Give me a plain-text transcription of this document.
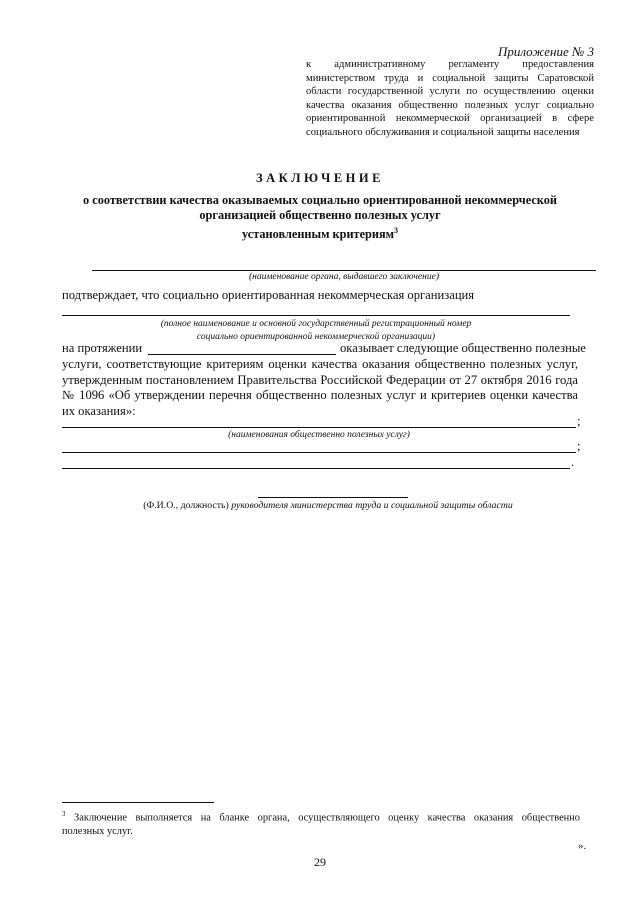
Приложение № 3
к административному регламенту предоставления
министерством труда и социальной защиты Саратовской
области государственной услуги по осуществлению оценки
качества оказания общественно полезных услуг социально
ориентированной некоммерческой организацией в сфере
социального обслуживания и социальной защиты населения
ЗАКЛЮЧЕНИЕ
о соответствии качества оказываемых социально ориентированной некоммерческой
организацией общественно полезных услуг
установленным критериям$^3$
(наименование органа, выдавшего заключение)
подтверждает, что социально ориентированная некоммерческая организация
(полное наименование и основной государственный регистрационный номер
социально ориентированной некоммерческой организации)
на протяжении	оказывает следующие общественно полезные
услуги, соответствующие критериям оценки качества оказания общественно полезных услуг,
утвержденным постановлением Правительства Российской Федерации от 27 октября 2016 года
№ 1096 «Об утверждении перечня общественно полезных услуг и критериев оценки качества
их оказания»:
;
(наименования общественно полезных услуг)
;
.
(Ф.И.О., должность) руководителя министерства труда и социальной защиты области
$^3$ Заключение выполняется на бланке органа, осуществляющего оценку качества оказания общественно
полезных услуг.
».
29
